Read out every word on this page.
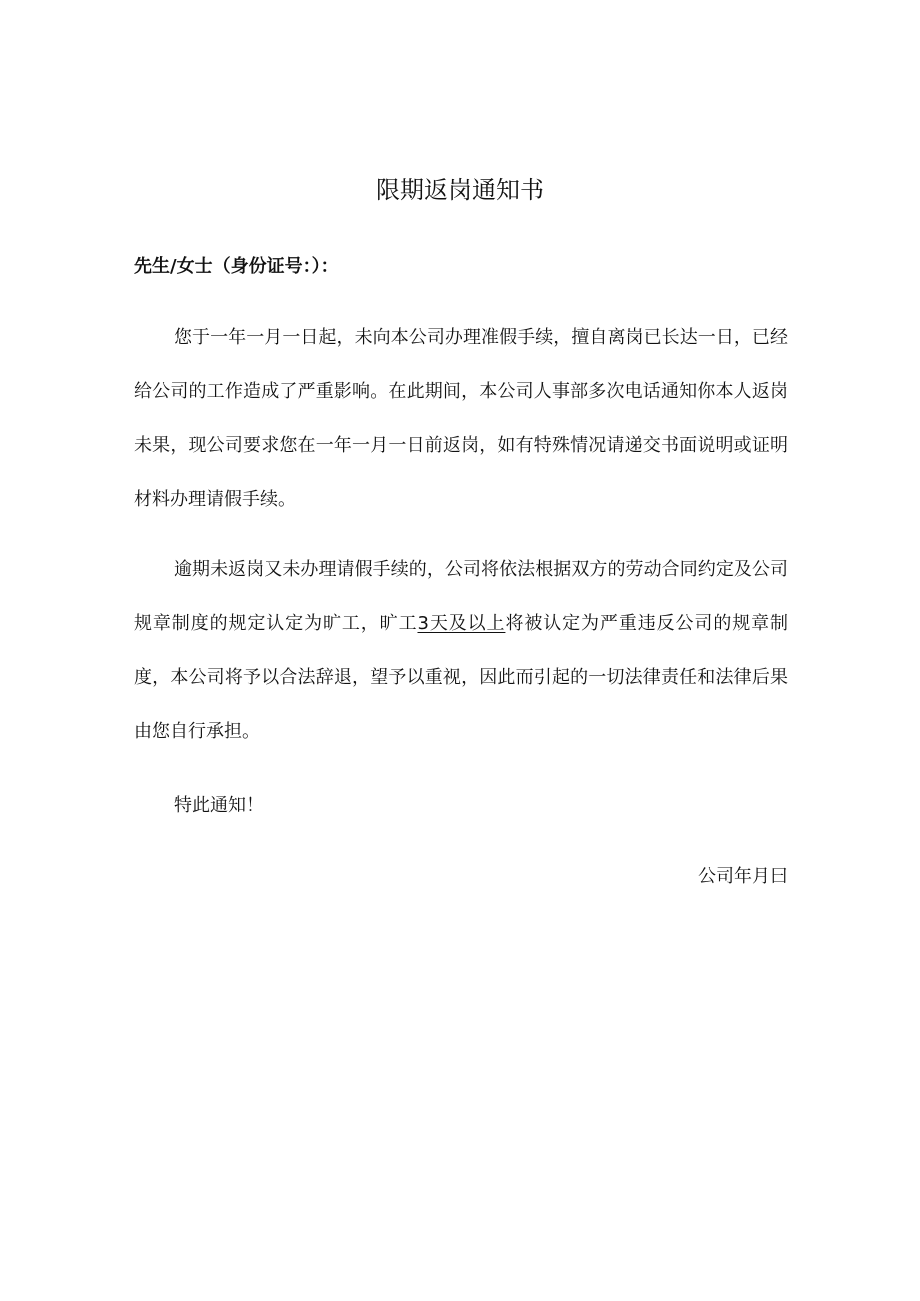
限期返岗通知书

先生/女士（身份证号：）：

您于一年一月一日起，未向本公司办理准假手续，擅自离岗已长达一日，已经给公司的工作造成了严重影响。在此期间，本公司人事部多次电话通知你本人返岗未果，现公司要求您在一年一月一日前返岗，如有特殊情况请递交书面说明或证明材料办理请假手续。

逾期未返岗又未办理请假手续的，公司将依法根据双方的劳动合同约定及公司规章制度的规定认定为旷工，旷工3天及以上将被认定为严重违反公司的规章制度，本公司将予以合法辞退，望予以重视，因此而引起的一切法律责任和法律后果由您自行承担。

特此通知！

公司年月曰
